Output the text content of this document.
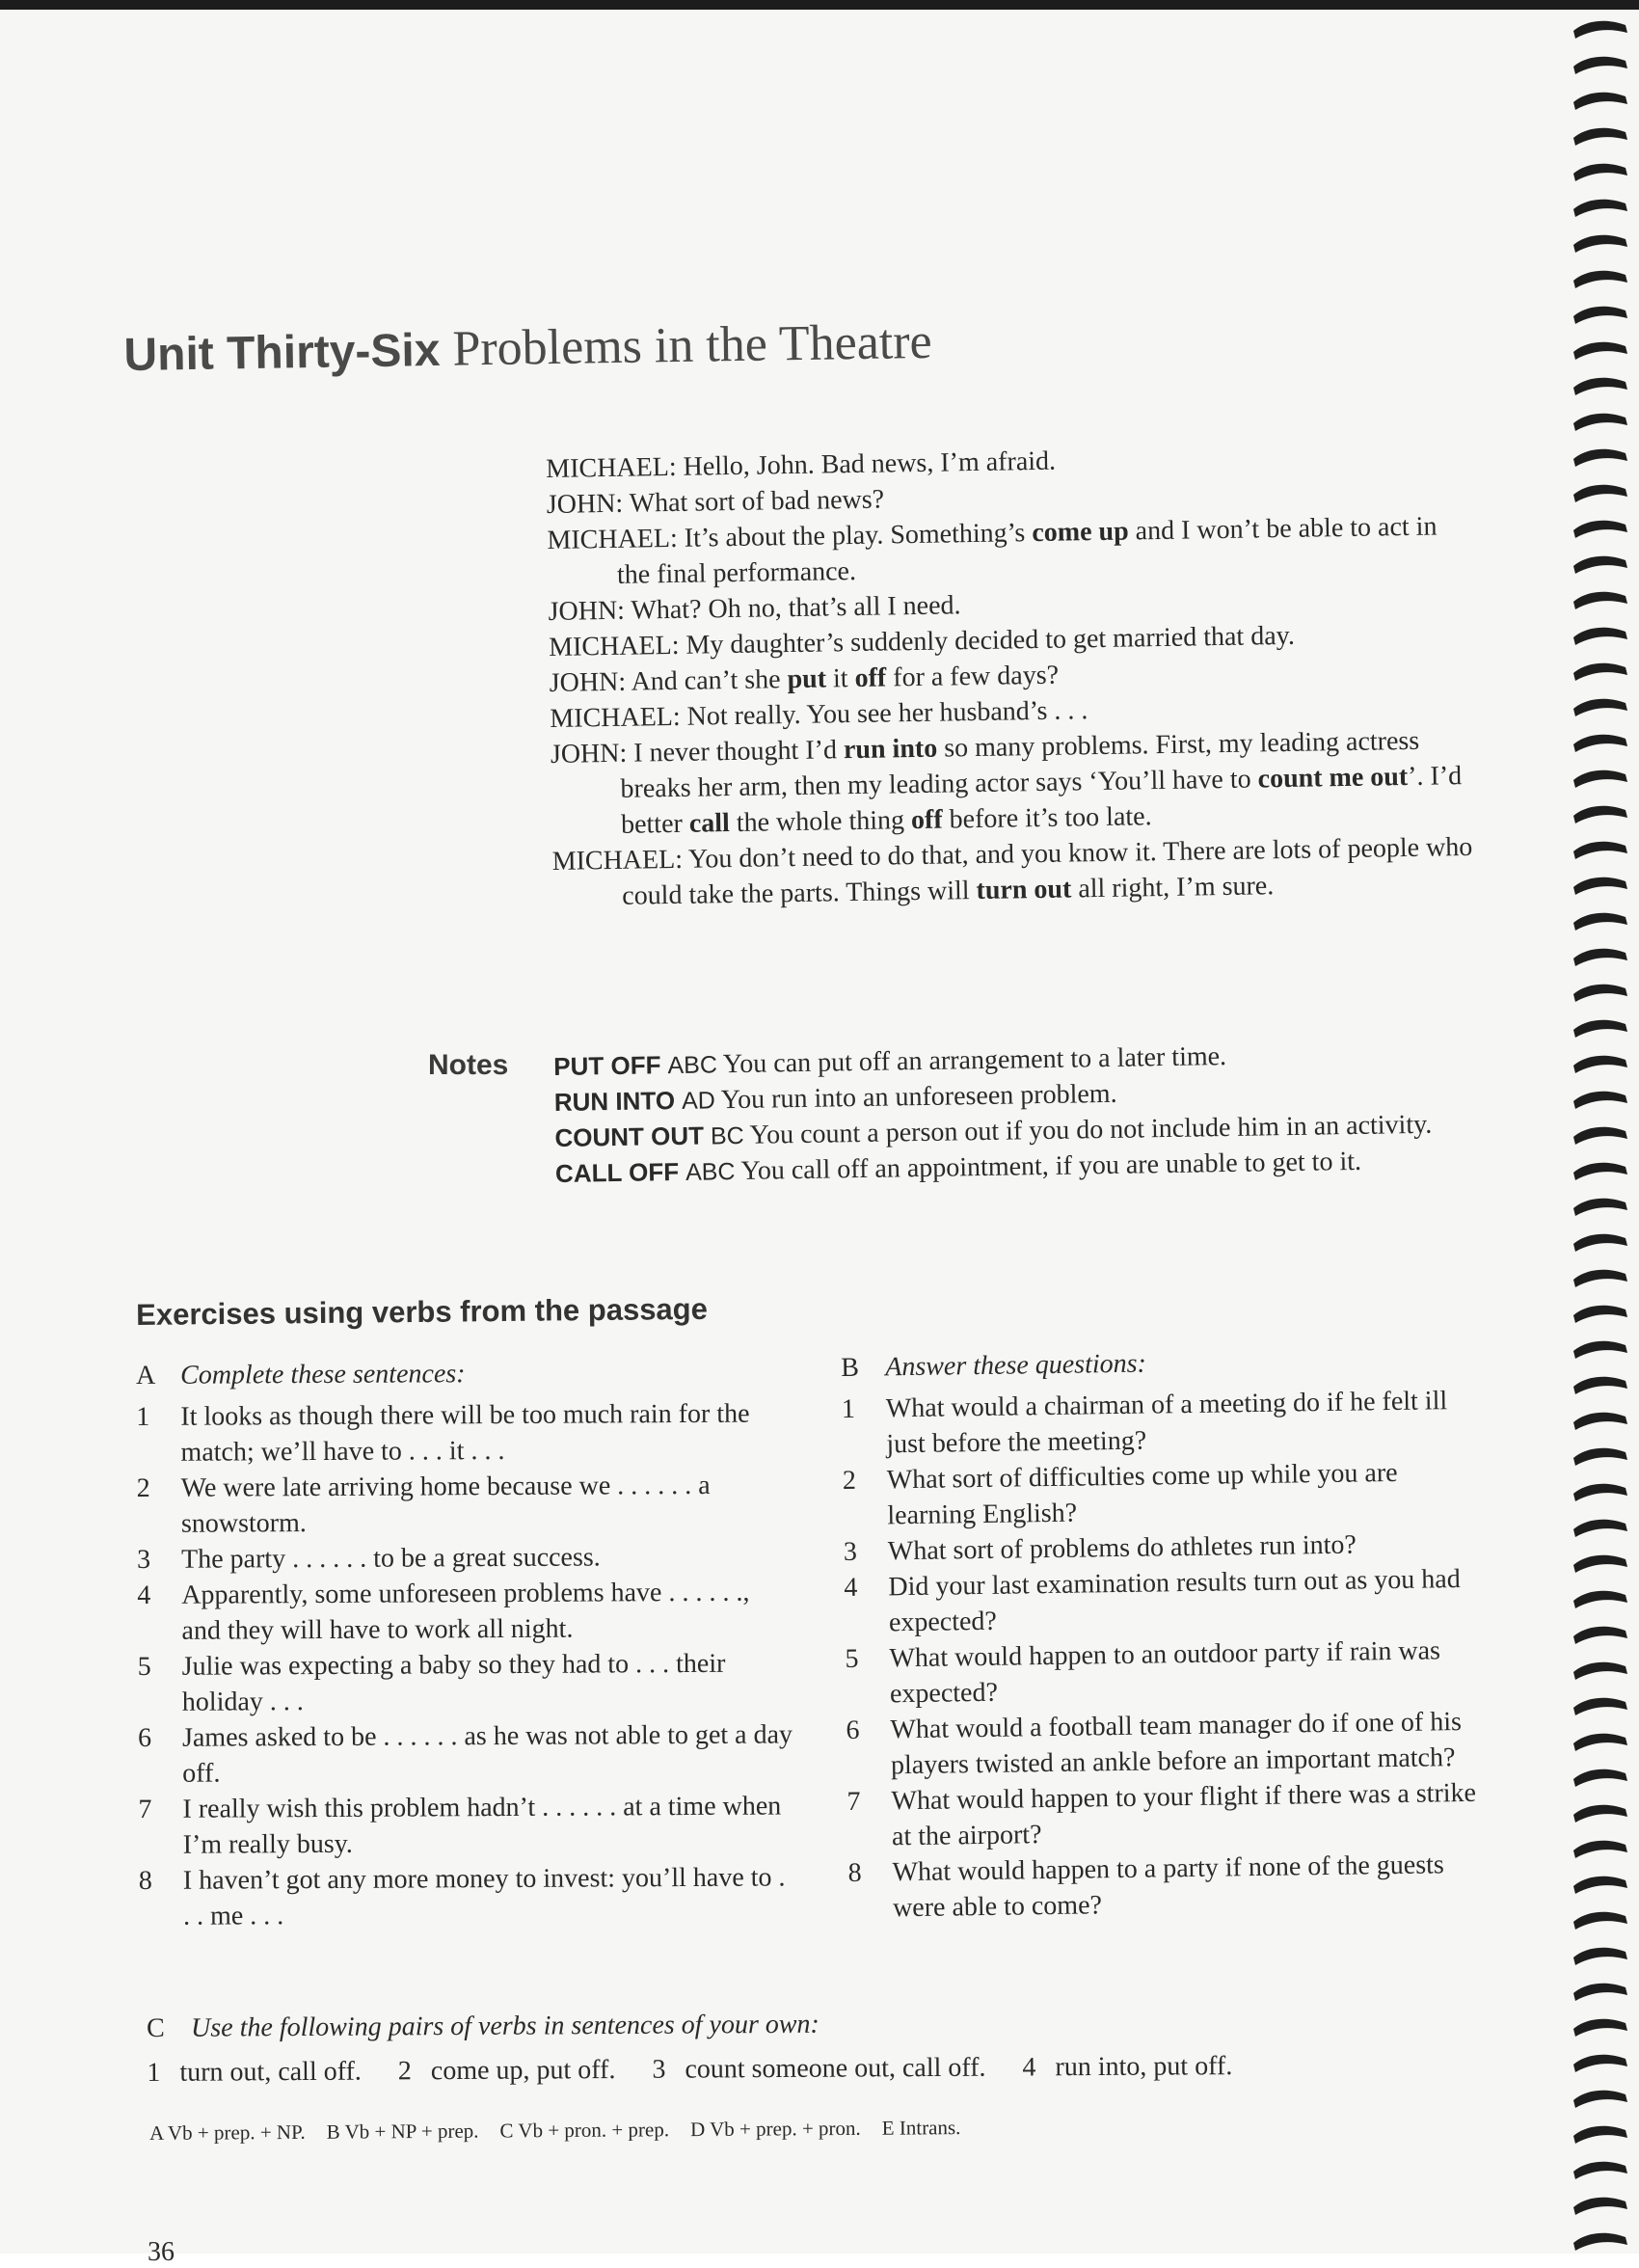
Unit Thirty-Six Problems in the Theatre

MICHAEL: Hello, John. Bad news, I’m afraid.

JOHN: What sort of bad news?

MICHAEL: It’s about the play. Something’s come up and I won’t be able to act in the final performance.

JOHN: What? Oh no, that’s all I need.

MICHAEL: My daughter’s suddenly decided to get married that day.

JOHN: And can’t she put it off for a few days?

MICHAEL: Not really. You see her husband’s . . .

JOHN: I never thought I’d run into so many problems. First, my leading actress breaks her arm, then my leading actor says ‘You’ll have to count me out’. I’d better call the whole thing off before it’s too late.

MICHAEL: You don’t need to do that, and you know it. There are lots of people who could take the parts. Things will turn out all right, I’m sure.

Notes PUT OFF ABC You can put off an arrangement to a later time.

RUN INTO AD You run into an unforeseen problem.

COUNT OUT BC You count a person out if you do not include him in an activity.

CALL OFF ABC You call off an appointment, if you are unable to get to it.

Exercises using verbs from the passage

A Complete these sentences:

1	It looks as though there will be too much rain for the match; we’ll have to . . . it . . .
2	We were late arriving home because we . . . . . . a snowstorm.
3	The party . . . . . . to be a great success.
4	Apparently, some unforeseen problems have . . . . . ., and they will have to work all night.
5	Julie was expecting a baby so they had to . . . their holiday . . .
6	James asked to be . . . . . . as he was not able to get a day off.
7	I really wish this problem hadn’t . . . . . . at a time when I’m really busy.
8	I haven’t got any more money to invest: you’ll have to . . . me . . .

B Answer these questions:

1	What would a chairman of a meeting do if he felt ill just before the meeting?
2	What sort of difficulties come up while you are learning English?
3	What sort of problems do athletes run into?
4	Did your last examination results turn out as you had expected?
5	What would happen to an outdoor party if rain was expected?
6	What would a football team manager do if one of his players twisted an ankle before an important match?
7	What would happen to your flight if there was a strike at the airport?
8	What would happen to a party if none of the guests were able to come?

C Use the following pairs of verbs in sentences of your own:

1 turn out, call off. 2 come up, put off. 3 count someone out, call off. 4 run into, put off.
A Vb + prep. + NP. B Vb + NP + prep. C Vb + pron. + prep. D Vb + prep. + pron. E Intrans.
36
